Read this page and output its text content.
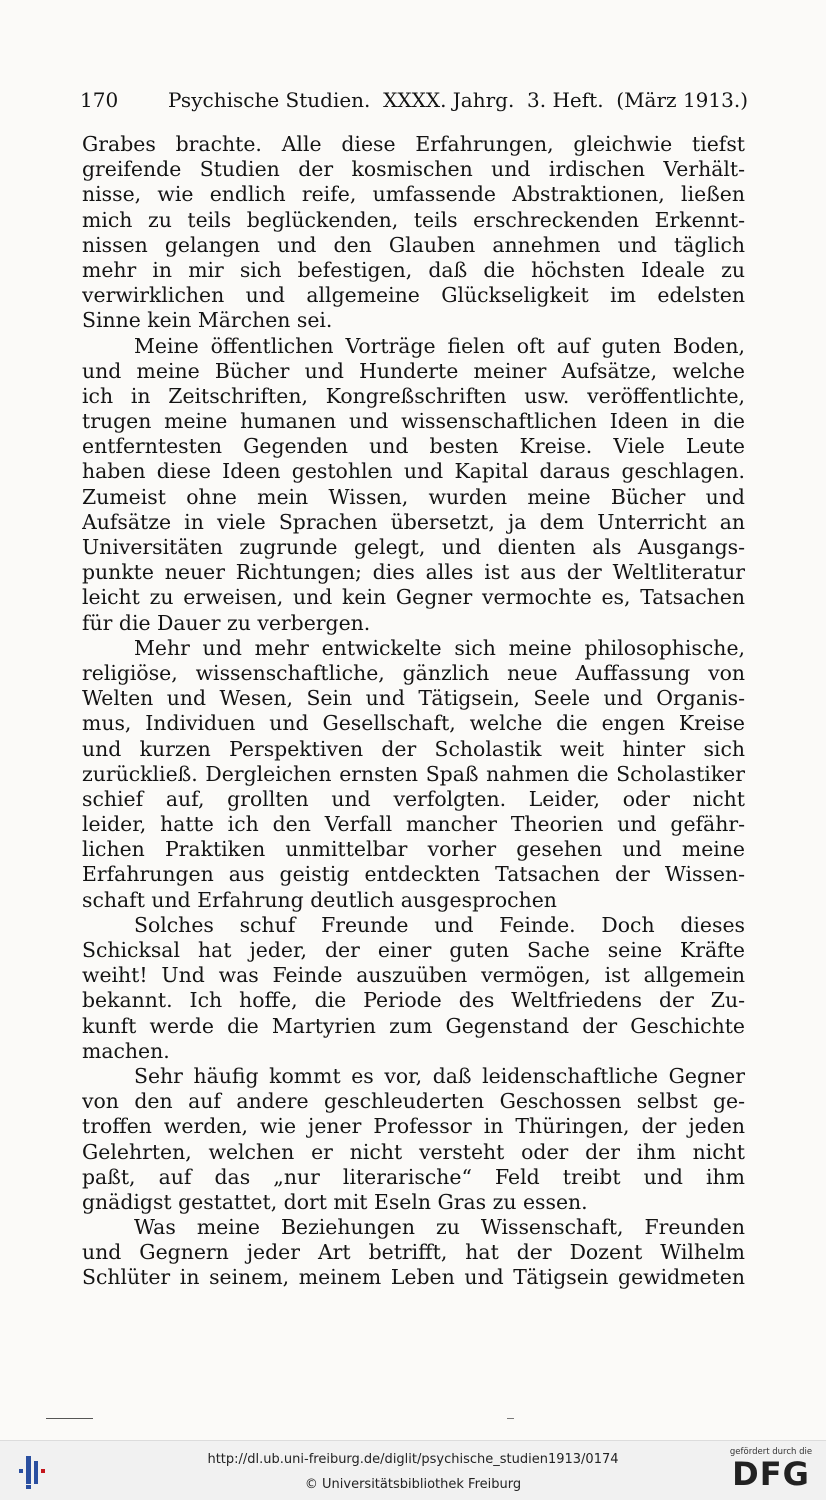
170 Psychische Studien.  XXXX. Jahrg.  3. Heft.  (März 1913.)
Grabes brachte. Alle diese Erfahrungen, gleichwie tiefst
greifende Studien der kosmischen und irdischen Verhält-
nisse, wie endlich reife, umfassende Abstraktionen, ließen
mich zu teils beglückenden, teils erschreckenden Erkennt-
nissen gelangen und den Glauben annehmen und täglich
mehr in mir sich befestigen, daß die höchsten Ideale zu
verwirklichen und allgemeine Glückseligkeit im edelsten
Sinne kein Märchen sei.
Meine öffentlichen Vorträge fielen oft auf guten Boden,
und meine Bücher und Hunderte meiner Aufsätze, welche
ich in Zeitschriften, Kongreßschriften usw. veröffentlichte,
trugen meine humanen und wissenschaftlichen Ideen in die
entferntesten Gegenden und besten Kreise. Viele Leute
haben diese Ideen gestohlen und Kapital daraus geschlagen.
Zumeist ohne mein Wissen, wurden meine Bücher und
Aufsätze in viele Sprachen übersetzt, ja dem Unterricht an
Universitäten zugrunde gelegt, und dienten als Ausgangs-
punkte neuer Richtungen; dies alles ist aus der Weltliteratur
leicht zu erweisen, und kein Gegner vermochte es, Tatsachen
für die Dauer zu verbergen.
Mehr und mehr entwickelte sich meine philosophische,
religiöse, wissenschaftliche, gänzlich neue Auffassung von
Welten und Wesen, Sein und Tätigsein, Seele und Organis-
mus, Individuen und Gesellschaft, welche die engen Kreise
und kurzen Perspektiven der Scholastik weit hinter sich
zurückließ. Dergleichen ernsten Spaß nahmen die Scholastiker
schief auf, grollten und verfolgten. Leider, oder nicht
leider, hatte ich den Verfall mancher Theorien und gefähr-
lichen Praktiken unmittelbar vorher gesehen und meine
Erfahrungen aus geistig entdeckten Tatsachen der Wissen-
schaft und Erfahrung deutlich ausgesprochen
Solches schuf Freunde und Feinde. Doch dieses
Schicksal hat jeder, der einer guten Sache seine Kräfte
weiht! Und was Feinde auszuüben vermögen, ist allgemein
bekannt. Ich hoffe, die Periode des Weltfriedens der Zu-
kunft werde die Martyrien zum Gegenstand der Geschichte
machen.
Sehr häufig kommt es vor, daß leidenschaftliche Gegner
von den auf andere geschleuderten Geschossen selbst ge-
troffen werden, wie jener Professor in Thüringen, der jeden
Gelehrten, welchen er nicht versteht oder der ihm nicht
paßt, auf das „nur literarische“ Feld treibt und ihm
gnädigst gestattet, dort mit Eseln Gras zu essen.
Was meine Beziehungen zu Wissenschaft, Freunden
und Gegnern jeder Art betrifft, hat der Dozent Wilhelm
Schlüter in seinem, meinem Leben und Tätigsein gewidmeten
http://dl.ub.uni-freiburg.de/diglit/psychische_studien1913/0174
© Universitätsbibliothek Freiburg
gefördert durch die
DFG
